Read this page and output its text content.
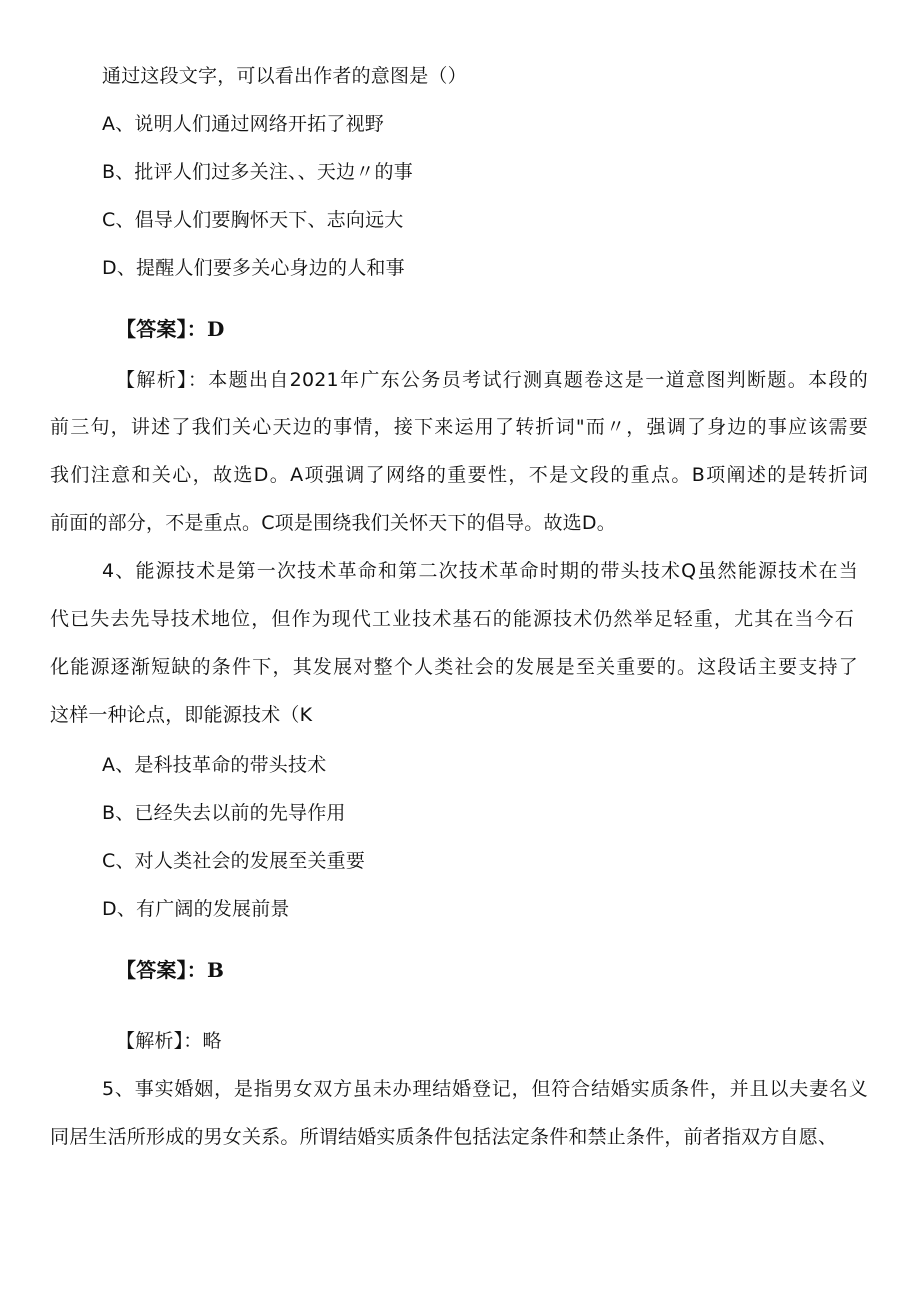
通过这段文字，可以看出作者的意图是（）
A、说明人们通过网络开拓了视野
B、批评人们过多关注、、天边〃的事
C、倡导人们要胸怀天下、志向远大
D、提醒人们要多关心身边的人和事
【答案】：D
【解析】：本题出自2021年广东公务员考试行测真题卷这是一道意图判断题。本段的
前三句，讲述了我们关心天边的事情，接下来运用了转折词"而〃，强调了身边的事应该需要
我们注意和关心，故选D。A项强调了网络的重要性，不是文段的重点。B项阐述的是转折词
前面的部分，不是重点。C项是围绕我们关怀天下的倡导。故选D。
4、能源技术是第一次技术革命和第二次技术革命时期的带头技术Q虽然能源技术在当
代已失去先导技术地位，但作为现代工业技术基石的能源技术仍然举足轻重，尤其在当今石
化能源逐渐短缺的条件下，其发展对整个人类社会的发展是至关重要的。这段话主要支持了
这样一种论点，即能源技术（K
A、是科技革命的带头技术
B、已经失去以前的先导作用
C、对人类社会的发展至关重要
D、有广阔的发展前景
【答案】：B
【解析】：略
5、事实婚姻，是指男女双方虽未办理结婚登记，但符合结婚实质条件，并且以夫妻名义
同居生活所形成的男女关系。所谓结婚实质条件包括法定条件和禁止条件，前者指双方自愿、
